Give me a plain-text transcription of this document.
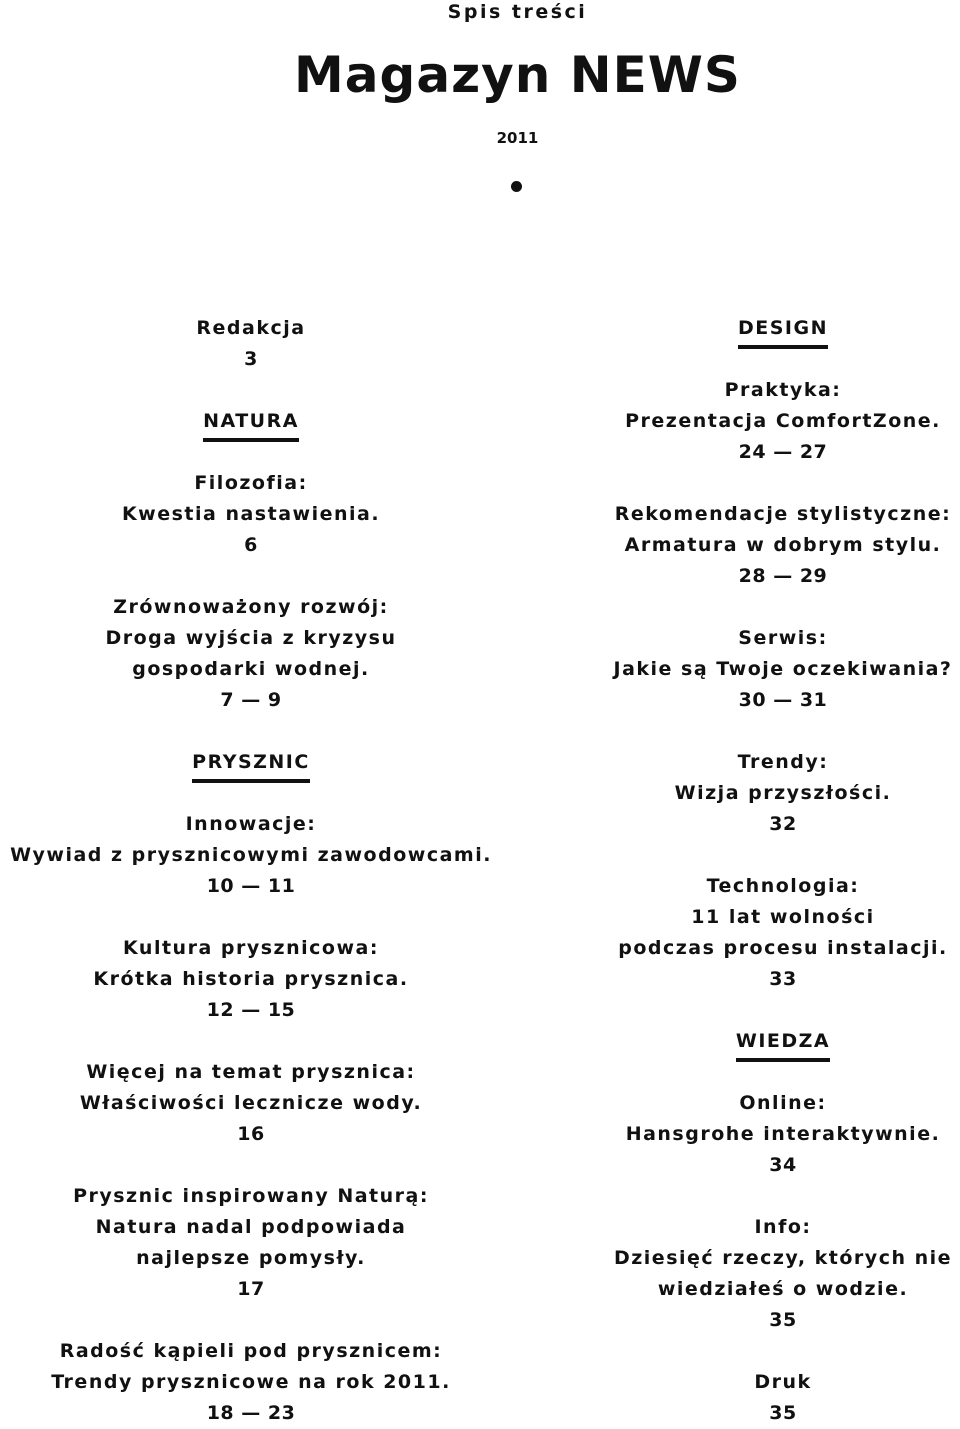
Spis treści
Magazyn NEWS
2011
Redakcja
3
NATURA
Filozofia:
Kwestia nastawienia.
6
Zrównoważony rozwój:
Droga wyjścia z kryzysu
gospodarki wodnej.
7 — 9
PRYSZNIC
Innowacje:
Wywiad z prysznicowymi zawodowcami.
10 — 11
Kultura prysznicowa:
Krótka historia prysznica.
12 — 15
Więcej na temat prysznica:
Właściwości lecznicze wody.
16
Prysznic inspirowany Naturą:
Natura nadal podpowiada
najlepsze pomysły.
17
Radość kąpieli pod prysznicem:
Trendy prysznicowe na rok 2011.
18 — 23
DESIGN
Praktyka:
Prezentacja ComfortZone.
24 — 27
Rekomendacje stylistyczne:
Armatura w dobrym stylu.
28 — 29
Serwis:
Jakie są Twoje oczekiwania?
30 — 31
Trendy:
Wizja przyszłości.
32
Technologia:
11 lat wolności
podczas procesu instalacji.
33
WIEDZA
Online:
Hansgrohe interaktywnie.
34
Info:
Dziesięć rzeczy, których nie
wiedziałeś o wodzie.
35
Druk
35
